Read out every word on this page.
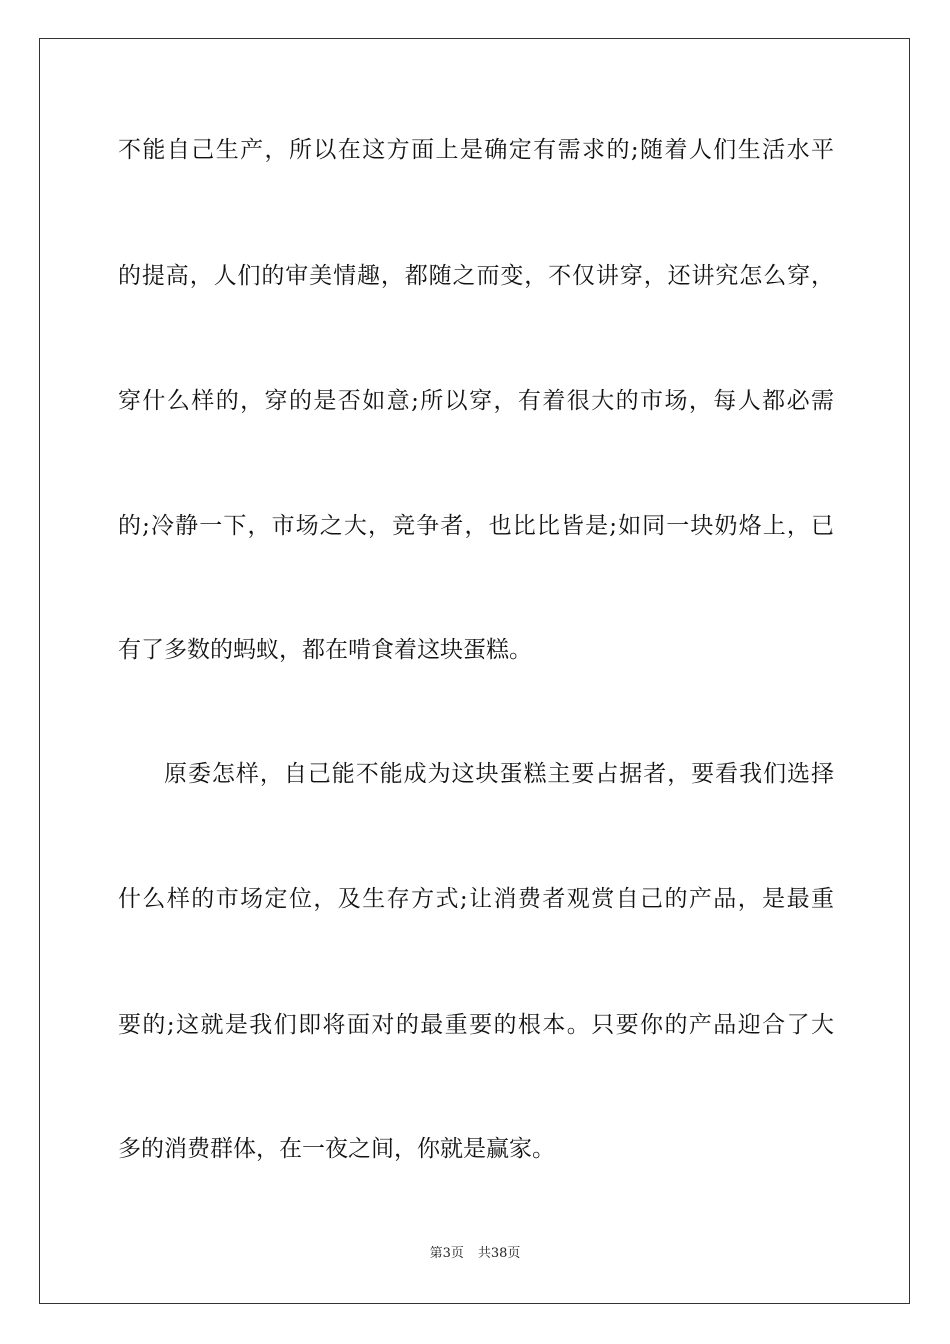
不能自己生产，所以在这方面上是确定有需求的;随着人们生活水平
的提高，人们的审美情趣，都随之而变，不仅讲穿，还讲究怎么穿，
穿什么样的，穿的是否如意;所以穿，有着很大的市场，每人都必需
的;冷静一下，市场之大，竞争者，也比比皆是;如同一块奶烙上，已
有了多数的蚂蚁，都在啃食着这块蛋糕。
原委怎样，自己能不能成为这块蛋糕主要占据者，要看我们选择
什么样的市场定位，及生存方式;让消费者观赏自己的产品，是最重
要的;这就是我们即将面对的最重要的根本。只要你的产品迎合了大
多的消费群体，在一夜之间，你就是赢家。
第3页 共38页
